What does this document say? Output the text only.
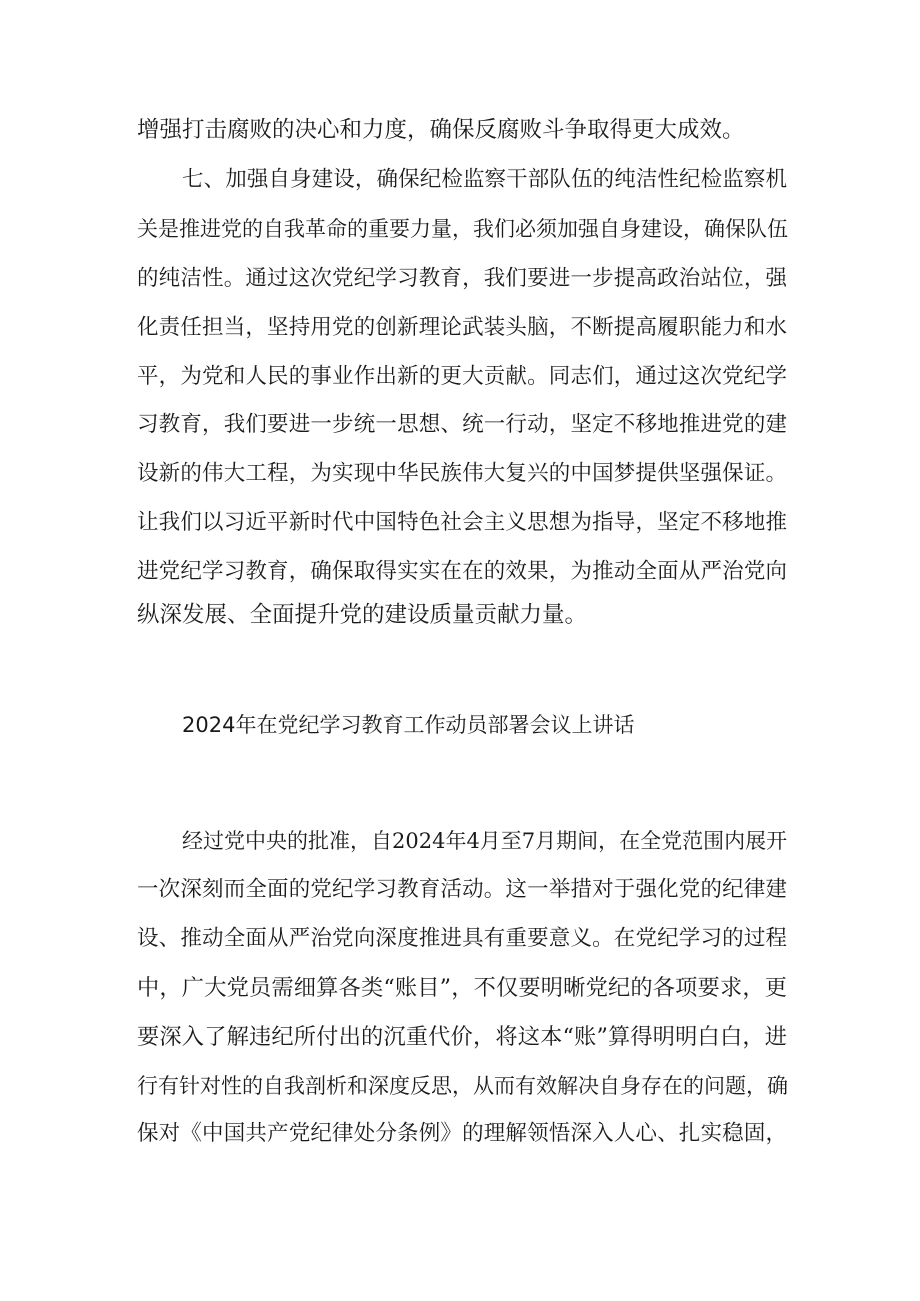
增强打击腐败的决心和力度，确保反腐败斗争取得更大成效。
七、加强自身建设，确保纪检监察干部队伍的纯洁性纪检监察机
关是推进党的自我革命的重要力量，我们必须加强自身建设，确保队伍
的纯洁性。通过这次党纪学习教育，我们要进一步提高政治站位，强
化责任担当，坚持用党的创新理论武装头脑，不断提高履职能力和水
平，为党和人民的事业作出新的更大贡献。同志们，通过这次党纪学
习教育，我们要进一步统一思想、统一行动，坚定不移地推进党的建
设新的伟大工程，为实现中华民族伟大复兴的中国梦提供坚强保证。
让我们以习近平新时代中国特色社会主义思想为指导，坚定不移地推
进党纪学习教育，确保取得实实在在的效果，为推动全面从严治党向
纵深发展、全面提升党的建设质量贡献力量。
2024年在党纪学习教育工作动员部署会议上讲话
经过党中央的批准，自2024年4月至7月期间，在全党范围内展开
一次深刻而全面的党纪学习教育活动。这一举措对于强化党的纪律建
设、推动全面从严治党向深度推进具有重要意义。在党纪学习的过程
中，广大党员需细算各类“账目”，不仅要明晰党纪的各项要求，更
要深入了解违纪所付出的沉重代价，将这本“账”算得明明白白，进
行有针对性的自我剖析和深度反思，从而有效解决自身存在的问题，确
保对《中国共产党纪律处分条例》的理解领悟深入人心、扎实稳固，
